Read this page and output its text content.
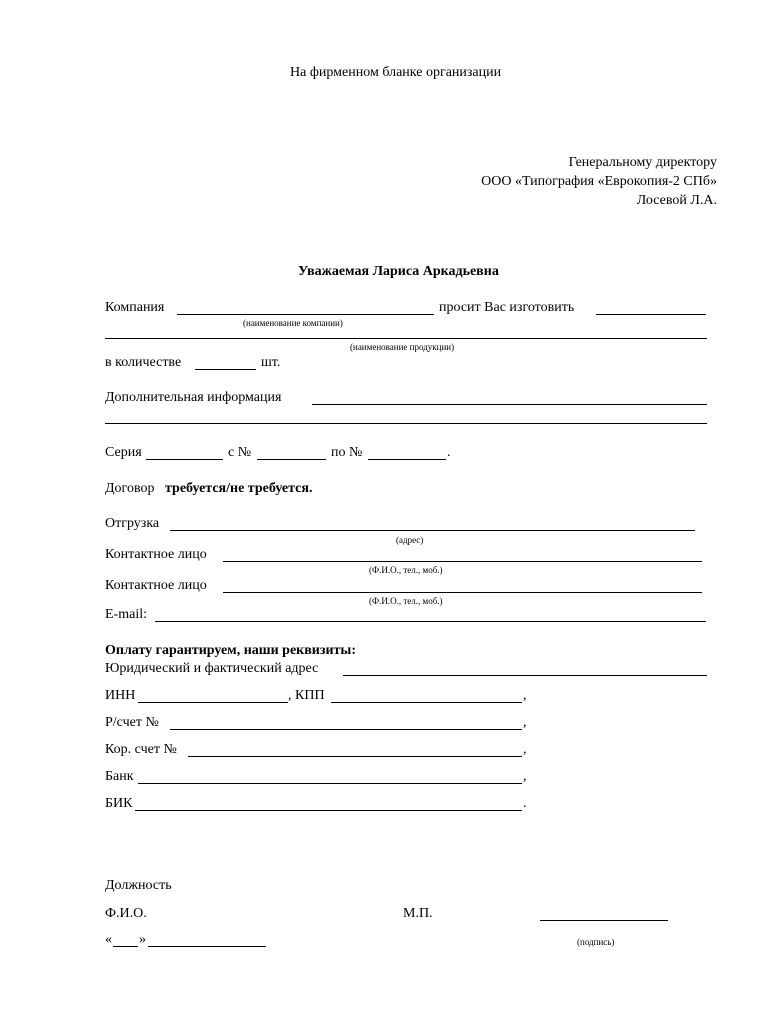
На фирменном бланке организации
Генеральному директору
ООО «Типография «Еврокопия-2 СПб»
Лосевой Л.А.
Уважаемая Лариса Аркадьевна
Компания	просит Вас изготовить
(наименование компании)
(наименование продукции)
в количестве	шт.
Дополнительная информация
Серия	с №	по №	.
Договор требуется/не требуется.
Отгрузка
(адрес)
Контактное лицо
(Ф.И.О., тел., моб.)
Контактное лицо
(Ф.И.О., тел., моб.)
E-mail:
Оплату гарантируем, наши реквизиты:
Юридический и фактический адрес
ИНН	, КПП	,
Р/счет №	,
Кор. счет №	,
Банк	,
БИК	.
Должность
Ф.И.О.	М.П.
« »	(подпись)
